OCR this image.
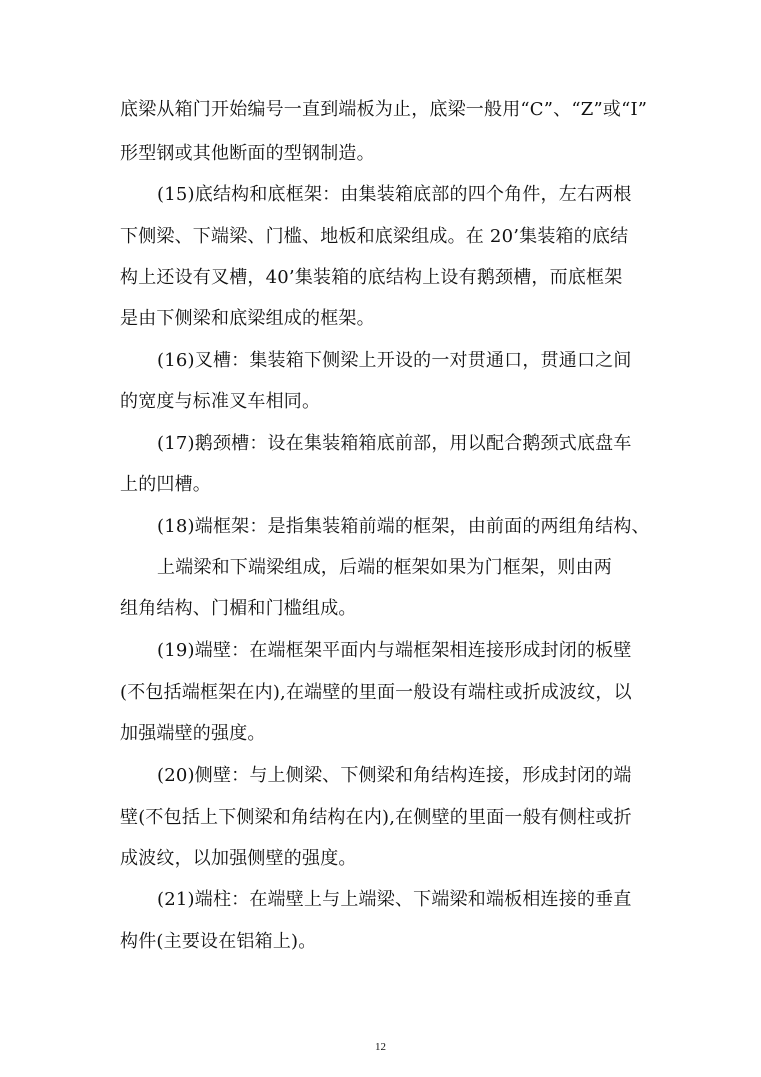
底梁从箱门开始编号一直到端板为止，底梁一般用“C”、“Z”或“I”
形型钢或其他断面的型钢制造。
(15)底结构和底框架：由集装箱底部的四个角件，左右两根
下侧梁、下端梁、门槛、地板和底梁组成。在 20’集装箱的底结
构上还设有叉槽，40’集装箱的底结构上设有鹅颈槽，而底框架
是由下侧梁和底梁组成的框架。
(16)叉槽：集装箱下侧梁上开设的一对贯通口，贯通口之间
的宽度与标准叉车相同。
(17)鹅颈槽：设在集装箱箱底前部，用以配合鹅颈式底盘车
上的凹槽。
(18)端框架：是指集装箱前端的框架，由前面的两组角结构、
上端梁和下端梁组成，后端的框架如果为门框架，则由两
组角结构、门楣和门槛组成。
(19)端壁：在端框架平面内与端框架相连接形成封闭的板壁
(不包括端框架在内),在端壁的里面一般设有端柱或折成波纹，以
加强端壁的强度。
(20)侧壁：与上侧梁、下侧梁和角结构连接，形成封闭的端
壁(不包括上下侧梁和角结构在内),在侧壁的里面一般有侧柱或折
成波纹，以加强侧壁的强度。
(21)端柱：在端壁上与上端梁、下端梁和端板相连接的垂直
构件(主要设在铝箱上)。
12
